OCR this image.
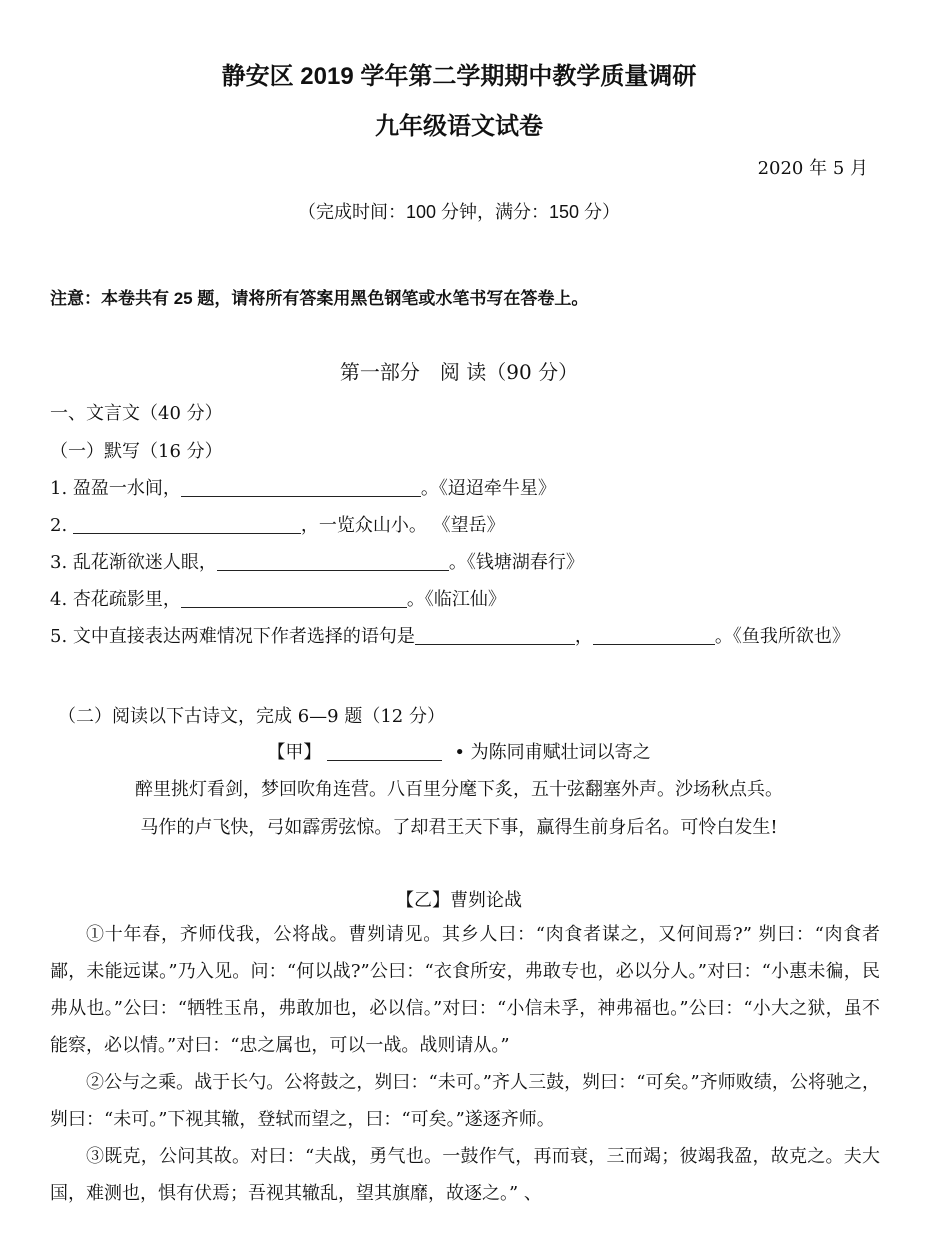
静安区 2019 学年第二学期期中教学质量调研
九年级语文试卷
2020 年 5 月
（完成时间：100 分钟，满分：150 分）
注意：本卷共有 25 题，请将所有答案用黑色钢笔或水笔书写在答卷上。
第一部分　阅 读（90 分）
一、文言文（40 分）
（一）默写（16 分）
1. 盈盈一水间，	。《迢迢牵牛星》
2.	，一览众山小。 《望岳》
3. 乱花渐欲迷人眼，	。《钱塘湖春行》
4. 杏花疏影里，	。《临江仙》
5. 文中直接表达两难情况下作者选择的语句是	，	。《鱼我所欲也》
（二）阅读以下古诗文，完成 6—9 题（12 分）
【甲】	• 为陈同甫赋壮词以寄之
醉里挑灯看剑，梦回吹角连营。八百里分麾下炙，五十弦翻塞外声。沙场秋点兵。
马作的卢飞快，弓如霹雳弦惊。了却君王天下事，赢得生前身后名。可怜白发生!
【乙】曹刿论战

①十年春，齐师伐我，公将战。曹刿请见。其乡人曰：“肉食者谋之，又何间焉?” 刿曰：“肉食者鄙，未能远谋。”乃入见。问：“何以战?”公曰：“衣食所安，弗敢专也，必以分人。”对曰：“小惠未徧，民弗从也。”公曰：“牺牲玉帛，弗敢加也，必以信。”对曰：“小信未孚，神弗福也。”公曰：“小大之狱，虽不能察，必以情。”对曰：“忠之属也，可以一战。战则请从。”

②公与之乘。战于长勺。公将鼓之，刿曰：“未可。”齐人三鼓，刿曰：“可矣。”齐师败绩，公将驰之，刿曰：“未可。”下视其辙，登轼而望之，曰：“可矣。”遂逐齐师。

③既克，公问其故。对曰：“夫战，勇气也。一鼓作气，再而衰，三而竭；彼竭我盈，故克之。夫大国，难测也，惧有伏焉；吾视其辙乱，望其旗靡，故逐之。” 、
